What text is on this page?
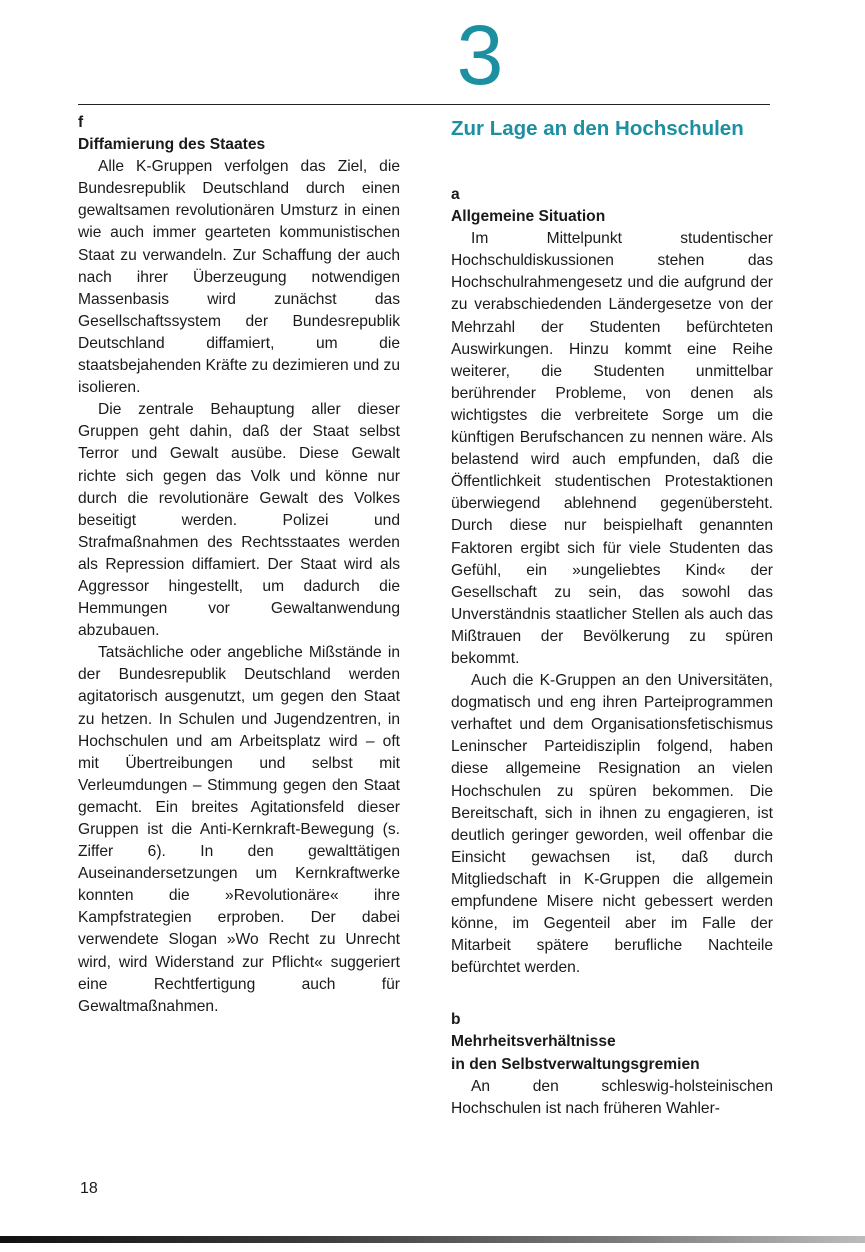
3
f
Diffamierung des Staates

Alle K-Gruppen verfolgen das Ziel, die Bundesrepublik Deutschland durch einen gewaltsamen revolutionären Umsturz in einen wie auch immer gearteten kommunistischen Staat zu verwandeln. Zur Schaffung der auch nach ihrer Überzeugung notwendigen Massenbasis wird zunächst das Gesellschaftssystem der Bundesrepublik Deutschland diffamiert, um die staatsbejahenden Kräfte zu dezimieren und zu isolieren.

Die zentrale Behauptung aller dieser Gruppen geht dahin, daß der Staat selbst Terror und Gewalt ausübe. Diese Gewalt richte sich gegen das Volk und könne nur durch die revolutionäre Gewalt des Volkes beseitigt werden. Polizei und Strafmaßnahmen des Rechtsstaates werden als Repression diffamiert. Der Staat wird als Aggressor hingestellt, um dadurch die Hemmungen vor Gewaltanwendung abzubauen.

Tatsächliche oder angebliche Mißstände in der Bundesrepublik Deutschland werden agitatorisch ausgenutzt, um gegen den Staat zu hetzen. In Schulen und Jugendzentren, in Hochschulen und am Arbeitsplatz wird – oft mit Übertreibungen und selbst mit Verleumdungen – Stimmung gegen den Staat gemacht. Ein breites Agitationsfeld dieser Gruppen ist die Anti-Kernkraft-Bewegung (s. Ziffer 6). In den gewalttätigen Auseinandersetzungen um Kernkraftwerke konnten die »Revolutionäre« ihre Kampfstrategien erproben. Der dabei verwendete Slogan »Wo Recht zu Unrecht wird, wird Widerstand zur Pflicht« suggeriert eine Rechtfertigung auch für Gewaltmaßnahmen.

Zur Lage an den Hochschulen
a
Allgemeine Situation

Im Mittelpunkt studentischer Hochschuldiskussionen stehen das Hochschulrahmengesetz und die aufgrund der zu verabschiedenden Ländergesetze von der Mehrzahl der Studenten befürchteten Auswirkungen. Hinzu kommt eine Reihe weiterer, die Studenten unmittelbar berührender Probleme, von denen als wichtigstes die verbreitete Sorge um die künftigen Berufschancen zu nennen wäre. Als belastend wird auch empfunden, daß die Öffentlichkeit studentischen Protestaktionen überwiegend ablehnend gegenübersteht. Durch diese nur beispielhaft genannten Faktoren ergibt sich für viele Studenten das Gefühl, ein »ungeliebtes Kind« der Gesellschaft zu sein, das sowohl das Unverständnis staatlicher Stellen als auch das Mißtrauen der Bevölkerung zu spüren bekommt.

Auch die K-Gruppen an den Universitäten, dogmatisch und eng ihren Parteiprogrammen verhaftet und dem Organisationsfetischismus Leninscher Parteidisziplin folgend, haben diese allgemeine Resignation an vielen Hochschulen zu spüren bekommen. Die Bereitschaft, sich in ihnen zu engagieren, ist deutlich geringer geworden, weil offenbar die Einsicht gewachsen ist, daß durch Mitgliedschaft in K-Gruppen die allgemein empfundene Misere nicht gebessert werden könne, im Gegenteil aber im Falle der Mitarbeit spätere berufliche Nachteile befürchtet werden.

b
Mehrheitsverhältnisse
in den Selbstverwaltungsgremien

An den schleswig-holsteinischen Hochschulen ist nach früheren Wahler-

18
